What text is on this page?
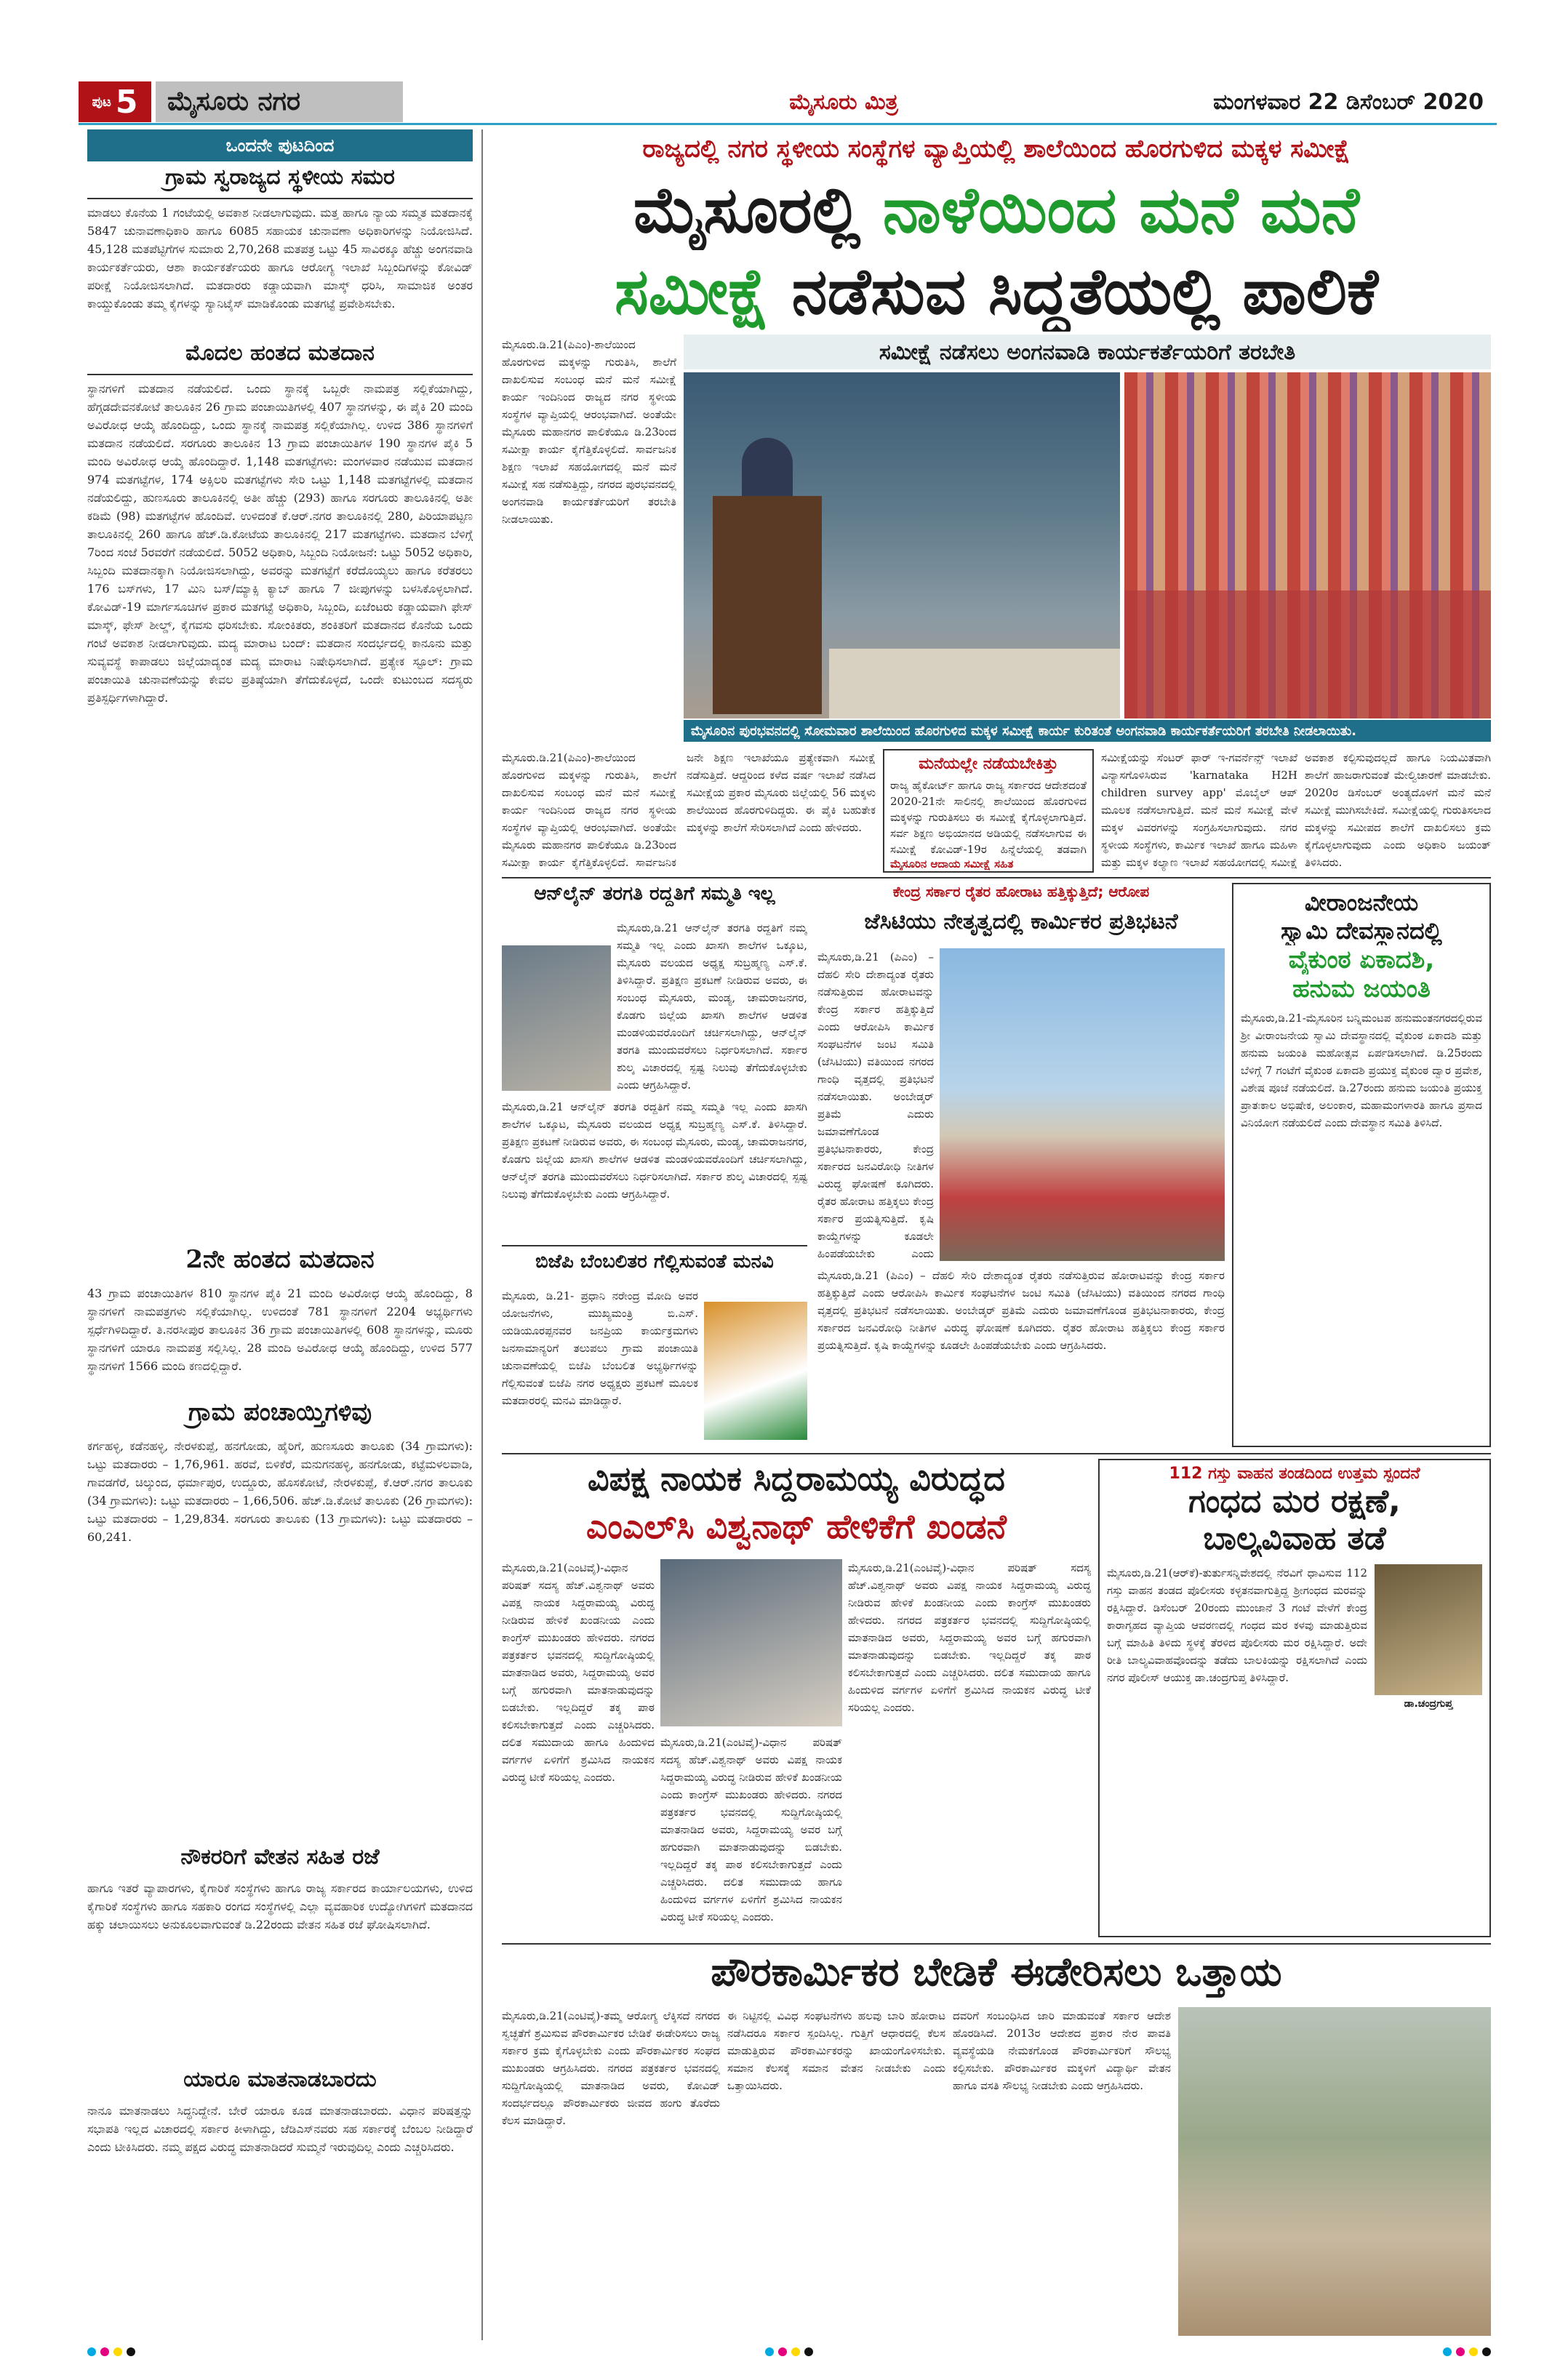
ಪುಟ 5	ಮೈಸೂರು ನಗರ	ಮೈಸೂರು ಮಿತ್ರ	ಮಂಗಳವಾರ 22 ಡಿಸೆಂಬರ್ 2020
ಒಂದನೇ ಪುಟದಿಂದ
ಗ್ರಾಮ ಸ್ವರಾಜ್ಯದ ಸ್ಥಳೀಯ ಸಮರ
ಮಾಡಲು ಕೊನೆಯ 1 ಗಂಟೆಯಲ್ಲಿ ಅವಕಾಶ ನೀಡಲಾಗುವುದು. ಮತ್ತ ಹಾಗೂ ನ್ಯಾಯ ಸಮ್ಮತ ಮತದಾನಕ್ಕೆ 5847 ಚುನಾವಣಾಧಿಕಾರಿ ಹಾಗೂ 6085 ಸಹಾಯಕ ಚುನಾವಣಾ ಅಧಿಕಾರಿಗಳನ್ನು ನಿಯೋಜಿಸಿದೆ. 45,128 ಮತಪೆಟ್ಟಿಗೆಗಳ ಸುಮಾರು 2,70,268 ಮತಪತ್ರ ಒಟ್ಟು 45 ಸಾವಿರಕ್ಕೂ ಹೆಚ್ಚು ಅಂಗನವಾಡಿ ಕಾರ್ಯಕರ್ತೆಯರು, ಆಶಾ ಕಾರ್ಯಕರ್ತೆಯರು ಹಾಗೂ ಆರೋಗ್ಯ ಇಲಾಖೆ ಸಿಬ್ಬಂದಿಗಳನ್ನು ಕೋವಿಡ್ ಪರೀಕ್ಷೆ ನಿಯೋಜಿಸಲಾಗಿದೆ. ಮತದಾರರು ಕಡ್ಡಾಯವಾಗಿ ಮಾಸ್ಕ್ ಧರಿಸಿ, ಸಾಮಾಜಿಕ ಅಂತರ ಕಾಯ್ದುಕೊಂಡು ತಮ್ಮ ಕೈಗಳನ್ನು ಸ್ಯಾನಿಟೈಸ್ ಮಾಡಿಕೊಂಡು ಮತಗಟ್ಟೆ ಪ್ರವೇಶಿಸಬೇಕು.
ಮೊದಲ ಹಂತದ ಮತದಾನ
ಸ್ಥಾನಗಳಿಗೆ ಮತದಾನ ನಡೆಯಲಿದೆ. ಒಂದು ಸ್ಥಾನಕ್ಕೆ ಒಬ್ಬರೇ ನಾಮಪತ್ರ ಸಲ್ಲಿಕೆಯಾಗಿದ್ದು, ಹೆಗ್ಗಡದೇವನಕೋಟೆ ತಾಲೂಕಿನ 26 ಗ್ರಾಮ ಪಂಚಾಯಿತಿಗಳಲ್ಲಿ 407 ಸ್ಥಾನಗಳನ್ನು, ಈ ಪೈಕಿ 20 ಮಂದಿ ಅವಿರೋಧ ಆಯ್ಕೆ ಹೊಂದಿದ್ದು, ಒಂದು ಸ್ಥಾನಕ್ಕೆ ನಾಮಪತ್ರ ಸಲ್ಲಿಕೆಯಾಗಿಲ್ಲ. ಉಳಿದ 386 ಸ್ಥಾನಗಳಿಗೆ ಮತದಾನ ನಡೆಯಲಿದೆ. ಸರಗೂರು ತಾಲೂಕಿನ 13 ಗ್ರಾಮ ಪಂಚಾಯಿತಿಗಳ 190 ಸ್ಥಾನಗಳ ಪೈಕಿ 5 ಮಂದಿ ಅವಿರೋಧ ಆಯ್ಕೆ ಹೊಂದಿದ್ದಾರೆ. 1,148 ಮತಗಟ್ಟೆಗಳು: ಮಂಗಳವಾರ ನಡೆಯುವ ಮತದಾನ 974 ಮತಗಟ್ಟೆಗಳ, 174 ಅಕ್ಸಿಲರಿ ಮತಗಟ್ಟೆಗಳು ಸೇರಿ ಒಟ್ಟು 1,148 ಮತಗಟ್ಟೆಗಳಲ್ಲಿ ಮತದಾನ ನಡೆಯಲಿದ್ದು, ಹುಣಸೂರು ತಾಲೂಕಿನಲ್ಲಿ ಅತೀ ಹೆಚ್ಚು (293) ಹಾಗೂ ಸರಗೂರು ತಾಲೂಕಿನಲ್ಲಿ ಅತೀ ಕಡಿಮೆ (98) ಮತಗಟ್ಟೆಗಳ ಹೊಂದಿವೆ. ಉಳಿದಂತೆ ಕೆ.ಆರ್.ನಗರ ತಾಲೂಕಿನಲ್ಲಿ 280, ಪಿರಿಯಾಪಟ್ಟಣ ತಾಲೂಕಿನಲ್ಲಿ 260 ಹಾಗೂ ಹೆಚ್.ಡಿ.ಕೋಟೆಯ ತಾಲೂಕಿನಲ್ಲಿ 217 ಮತಗಟ್ಟೆಗಳು. ಮತದಾನ ಬೆಳಿಗ್ಗೆ 7ರಿಂದ ಸಂಜೆ 5ರವರೆಗೆ ನಡೆಯಲಿದೆ. 5052 ಅಧಿಕಾರಿ, ಸಿಬ್ಬಂದಿ ನಿಯೋಜನೆ: ಒಟ್ಟು 5052 ಅಧಿಕಾರಿ, ಸಿಬ್ಬಂದಿ ಮತದಾನಕ್ಕಾಗಿ ನಿಯೋಜಿಸಲಾಗಿದ್ದು, ಅವರನ್ನು ಮತಗಟ್ಟೆಗೆ ಕರೆದೊಯ್ಯಲು ಹಾಗೂ ಕರೆತರಲು 176 ಬಸ್‌ಗಳು, 17 ಮಿನಿ ಬಸ್/ಮ್ಯಾಕ್ಸಿ ಕ್ಯಾಬ್ ಹಾಗೂ 7 ಜೀಪುಗಳನ್ನು ಬಳಸಿಕೊಳ್ಳಲಾಗಿದೆ. ಕೋವಿಡ್-19 ಮಾರ್ಗಸೂಚಿಗಳ ಪ್ರಕಾರ ಮತಗಟ್ಟೆ ಅಧಿಕಾರಿ, ಸಿಬ್ಬಂದಿ, ಏಜೆಂಟರು ಕಡ್ಡಾಯವಾಗಿ ಫೇಸ್ ಮಾಸ್ಕ್, ಫೇಸ್ ಶೀಲ್ಡ್, ಕೈಗವಸು ಧರಿಸಬೇಕು. ಸೋಂಕಿತರು, ಶಂಕಿತರಿಗೆ ಮತದಾನದ ಕೊನೆಯ ಒಂದು ಗಂಟೆ ಅವಕಾಶ ನೀಡಲಾಗುವುದು. ಮದ್ಯ ಮಾರಾಟ ಬಂದ್: ಮತದಾನ ಸಂದರ್ಭದಲ್ಲಿ ಕಾನೂನು ಮತ್ತು ಸುವ್ಯವಸ್ಥೆ ಕಾಪಾಡಲು ಜಿಲ್ಲೆಯಾದ್ಯಂತ ಮದ್ಯ ಮಾರಾಟ ನಿಷೇಧಿಸಲಾಗಿದೆ. ಪ್ರತ್ಯೇಕ ಸ್ಟೂಲ್: ಗ್ರಾಮ ಪಂಚಾಯಿತಿ ಚುನಾವಣೆಯನ್ನು ಕೇವಲ ಪ್ರತಿಷ್ಠೆಯಾಗಿ ತೆಗೆದುಕೊಳ್ಳದೆ, ಒಂದೇ ಕುಟುಂಬದ ಸದಸ್ಯರು ಪ್ರತಿಸ್ಪರ್ಧಿಗಳಾಗಿದ್ದಾರೆ.
2ನೇ ಹಂತದ ಮತದಾನ
43 ಗ್ರಾಮ ಪಂಚಾಯಿತಿಗಳ 810 ಸ್ಥಾನಗಳ ಪೈಕಿ 21 ಮಂದಿ ಅವಿರೋಧ ಆಯ್ಕೆ ಹೊಂದಿದ್ದು, 8 ಸ್ಥಾನಗಳಿಗೆ ನಾಮಪತ್ರಗಳು ಸಲ್ಲಿಕೆಯಾಗಿಲ್ಲ. ಉಳಿದಂತೆ 781 ಸ್ಥಾನಗಳಿಗೆ 2204 ಅಭ್ಯರ್ಥಿಗಳು ಸ್ಪರ್ಧೆಗಿಳಿದಿದ್ದಾರೆ. ತಿ.ನರಸೀಪುರ ತಾಲೂಕಿನ 36 ಗ್ರಾಮ ಪಂಚಾಯಿತಿಗಳಲ್ಲಿ 608 ಸ್ಥಾನಗಳನ್ನು, ಮೂರು ಸ್ಥಾನಗಳಿಗೆ ಯಾರೂ ನಾಮಪತ್ರ ಸಲ್ಲಿಸಿಲ್ಲ. 28 ಮಂದಿ ಅವಿರೋಧ ಆಯ್ಕೆ ಹೊಂದಿದ್ದು, ಉಳಿದ 577 ಸ್ಥಾನಗಳಿಗೆ 1566 ಮಂದಿ ಕಣದಲ್ಲಿದ್ದಾರೆ.
ಗ್ರಾಮ ಪಂಚಾಯ್ತಿಗಳಿವು
ಕರ್ಗಹಳ್ಳಿ, ಕಡೆನಹಳ್ಳಿ, ನೇರಳಕುಪ್ಪೆ, ಹನಗೋಡು, ಹೈರಿಗೆ, ಹುಣಸೂರು ತಾಲೂಕು (34 ಗ್ರಾಮಗಳು): ಒಟ್ಟು ಮತದಾರರು – 1,76,961. ಹರವೆ, ಬಿಳಿಕೆರೆ, ಮನುಗನಹಳ್ಳಿ, ಹನಗೋಡು, ಕಟ್ಟೆಮಳಲವಾಡಿ, ಗಾವಡಗೆರೆ, ಚಿಲ್ಕುಂದ, ಧರ್ಮಾಪುರ, ಉದ್ದೂರು, ಹೊಸಕೋಟೆ, ನೇರಳಕುಪ್ಪೆ, ಕೆ.ಆರ್.ನಗರ ತಾಲೂಕು (34 ಗ್ರಾಮಗಳು): ಒಟ್ಟು ಮತದಾರರು – 1,66,506. ಹೆಚ್.ಡಿ.ಕೋಟೆ ತಾಲೂಕು (26 ಗ್ರಾಮಗಳು): ಒಟ್ಟು ಮತದಾರರು – 1,29,834. ಸರಗೂರು ತಾಲೂಕು (13 ಗ್ರಾಮಗಳು): ಒಟ್ಟು ಮತದಾರರು – 60,241.
ನೌಕರರಿಗೆ ವೇತನ ಸಹಿತ ರಜೆ
ಹಾಗೂ ಇತರೆ ವ್ಯಾಪಾರಗಳು, ಕೈಗಾರಿಕೆ ಸಂಸ್ಥೆಗಳು ಹಾಗೂ ರಾಜ್ಯ ಸರ್ಕಾರದ ಕಾರ್ಯಾಲಯಗಳು, ಉಳಿದ ಕೈಗಾರಿಕೆ ಸಂಸ್ಥೆಗಳು ಹಾಗೂ ಸಹಕಾರಿ ರಂಗದ ಸಂಸ್ಥೆಗಳಲ್ಲಿ ಎಲ್ಲಾ ವ್ಯವಹಾರಿಕ ಉದ್ಯೋಗಿಗಳಿಗೆ ಮತದಾನದ ಹಕ್ಕು ಚಲಾಯಿಸಲು ಅನುಕೂಲವಾಗುವಂತೆ ಡಿ.22ರಂದು ವೇತನ ಸಹಿತ ರಜೆ ಘೋಷಿಸಲಾಗಿದೆ.
ಯಾರೂ ಮಾತನಾಡಬಾರದು
ನಾನೂ ಮಾತನಾಡಲು ಸಿದ್ಧನಿದ್ದೇನೆ. ಬೇರೆ ಯಾರೂ ಕೂಡ ಮಾತನಾಡಬಾರದು. ವಿಧಾನ ಪರಿಷತ್ತನ್ನು ಸಭಾಪತಿ ಇಲ್ಲದ ವಿಚಾರದಲ್ಲಿ ಸರ್ಕಾರ ಕೀಳಾಗಿದ್ದು, ಜೆಡಿಎಸ್‌ನವರು ಸಹ ಸರ್ಕಾರಕ್ಕೆ ಬೆಂಬಲ ನೀಡಿದ್ದಾರೆ ಎಂದು ಟೀಕಿಸಿದರು. ನಮ್ಮ ಪಕ್ಷದ ವಿರುದ್ಧ ಮಾತನಾಡಿದರೆ ಸುಮ್ಮನೆ ಇರುವುದಿಲ್ಲ ಎಂದು ಎಚ್ಚರಿಸಿದರು.
ರಾಜ್ಯದಲ್ಲಿ ನಗರ ಸ್ಥಳೀಯ ಸಂಸ್ಥೆಗಳ ವ್ಯಾಪ್ತಿಯಲ್ಲಿ ಶಾಲೆಯಿಂದ ಹೊರಗುಳಿದ ಮಕ್ಕಳ ಸಮೀಕ್ಷೆ
ಮೈಸೂರಲ್ಲಿ
ನಾಳೆಯಿಂದ ಮನೆ ಮನೆ
ಸಮೀಕ್ಷೆ
ನಡೆಸುವ ಸಿದ್ಧತೆಯಲ್ಲಿ ಪಾಲಿಕೆ
ಮೈಸೂರು.ಡಿ.21(ಪಿಎಂ)-ಶಾಲೆಯಿಂದ ಹೊರಗುಳಿದ ಮಕ್ಕಳನ್ನು ಗುರುತಿಸಿ, ಶಾಲೆಗೆ ದಾಖಲಿಸುವ ಸಂಬಂಧ ಮನೆ ಮನೆ ಸಮೀಕ್ಷೆ ಕಾರ್ಯ ಇಂದಿನಿಂದ ರಾಜ್ಯದ ನಗರ ಸ್ಥಳೀಯ ಸಂಸ್ಥೆಗಳ ವ್ಯಾಪ್ತಿಯಲ್ಲಿ ಆರಂಭವಾಗಿದೆ. ಅಂತೆಯೇ ಮೈಸೂರು ಮಹಾನಗರ ಪಾಲಿಕೆಯೂ ಡಿ.23ರಿಂದ ಸಮೀಕ್ಷಾ ಕಾರ್ಯ ಕೈಗೆತ್ತಿಕೊಳ್ಳಲಿದೆ. ಸಾರ್ವಜನಿಕ ಶಿಕ್ಷಣ ಇಲಾಖೆ ಸಹಯೋಗದಲ್ಲಿ ಮನೆ ಮನೆ ಸಮೀಕ್ಷೆ ಸಹ ನಡೆಸುತ್ತಿದ್ದು, ನಗರದ ಪುರಭವನದಲ್ಲಿ ಅಂಗನವಾಡಿ ಕಾರ್ಯಕರ್ತೆಯರಿಗೆ ತರಬೇತಿ ನೀಡಲಾಯಿತು.
ಸಮೀಕ್ಷೆ ನಡೆಸಲು ಅಂಗನವಾಡಿ ಕಾರ್ಯಕರ್ತೆಯರಿಗೆ ತರಬೇತಿ
ಮೈಸೂರಿನ ಪುರಭವನದಲ್ಲಿ ಸೋಮವಾರ ಶಾಲೆಯಿಂದ ಹೊರಗುಳಿದ ಮಕ್ಕಳ ಸಮೀಕ್ಷೆ ಕಾರ್ಯ ಕುರಿತಂತೆ ಅಂಗನವಾಡಿ ಕಾರ್ಯಕರ್ತೆಯರಿಗೆ ತರಬೇತಿ ನೀಡಲಾಯಿತು.
ಮೈಸೂರು.ಡಿ.21(ಪಿಎಂ)-ಶಾಲೆಯಿಂದ ಹೊರಗುಳಿದ ಮಕ್ಕಳನ್ನು ಗುರುತಿಸಿ, ಶಾಲೆಗೆ ದಾಖಲಿಸುವ ಸಂಬಂಧ ಮನೆ ಮನೆ ಸಮೀಕ್ಷೆ ಕಾರ್ಯ ಇಂದಿನಿಂದ ರಾಜ್ಯದ ನಗರ ಸ್ಥಳೀಯ ಸಂಸ್ಥೆಗಳ ವ್ಯಾಪ್ತಿಯಲ್ಲಿ ಆರಂಭವಾಗಿದೆ. ಅಂತೆಯೇ ಮೈಸೂರು ಮಹಾನಗರ ಪಾಲಿಕೆಯೂ ಡಿ.23ರಿಂದ ಸಮೀಕ್ಷಾ ಕಾರ್ಯ ಕೈಗೆತ್ತಿಕೊಳ್ಳಲಿದೆ. ಸಾರ್ವಜನಿಕ
ಜನೇ ಶಿಕ್ಷಣ ಇಲಾಖೆಯೂ ಪ್ರತ್ಯೇಕವಾಗಿ ಸಮೀಕ್ಷೆ ನಡೆಸುತ್ತಿದೆ. ಆದ್ದರಿಂದ ಕಳೆದ ವರ್ಷ ಇಲಾಖೆ ನಡೆಸಿದ ಸಮೀಕ್ಷೆಯ ಪ್ರಕಾರ ಮೈಸೂರು ಜಿಲ್ಲೆಯಲ್ಲಿ 56 ಮಕ್ಕಳು ಶಾಲೆಯಿಂದ ಹೊರಗುಳಿದಿದ್ದರು. ಈ ಪೈಕಿ ಬಹುತೇಕ ಮಕ್ಕಳನ್ನು ಶಾಲೆಗೆ ಸೇರಿಸಲಾಗಿದೆ ಎಂದು ಹೇಳಿದರು.
ಮನೆಯಲ್ಲೇ ನಡೆಯಬೇಕಿತ್ತು
ರಾಜ್ಯ ಹೈಕೋರ್ಟ್ ಹಾಗೂ ರಾಜ್ಯ ಸರ್ಕಾರದ ಆದೇಶದಂತೆ 2020-21ನೇ ಸಾಲಿನಲ್ಲಿ ಶಾಲೆಯಿಂದ ಹೊರಗುಳಿದ ಮಕ್ಕಳನ್ನು ಗುರುತಿಸಲು ಈ ಸಮೀಕ್ಷೆ ಕೈಗೊಳ್ಳಲಾಗುತ್ತಿದೆ. ಸರ್ವ ಶಿಕ್ಷಣ ಅಭಿಯಾನದ ಅಡಿಯಲ್ಲಿ ನಡೆಸಲಾಗುವ ಈ ಸಮೀಕ್ಷೆ ಕೋವಿಡ್-19ರ ಹಿನ್ನೆಲೆಯಲ್ಲಿ ತಡವಾಗಿ
ಮೈಸೂರಿನ ಆದಾಯ ಸಮೀಕ್ಷೆ ಸಹಿತ
ಸಮೀಕ್ಷೆಯನ್ನು ಸೆಂಟರ್ ಫಾರ್ ಇ-ಗವರ್ನೆನ್ಸ್ ಇಲಾಖೆ ವಿನ್ಯಾಸಗೊಳಿಸಿರುವ 'karnataka H2H children survey app' ಮೊಬೈಲ್ ಆಪ್ ಮೂಲಕ ನಡೆಸಲಾಗುತ್ತಿದೆ. ಮನೆ ಮನೆ ಸಮೀಕ್ಷೆ ವೇಳೆ ಮಕ್ಕಳ ವಿವರಗಳನ್ನು ಸಂಗ್ರಹಿಸಲಾಗುವುದು. ನಗರ ಸ್ಥಳೀಯ ಸಂಸ್ಥೆಗಳು, ಕಾರ್ಮಿಕ ಇಲಾಖೆ ಹಾಗೂ ಮಹಿಳಾ ಮತ್ತು ಮಕ್ಕಳ ಕಲ್ಯಾಣ ಇಲಾಖೆ ಸಹಯೋಗದಲ್ಲಿ ಸಮೀಕ್ಷೆ
ಅವಕಾಶ ಕಲ್ಪಿಸುವುದಲ್ಲದೆ ಹಾಗೂ ನಿಯಮಿತವಾಗಿ ಶಾಲೆಗೆ ಹಾಜರಾಗುವಂತೆ ಮೇಲ್ವಿಚಾರಣೆ ಮಾಡಬೇಕು. 2020ರ ಡಿಸೆಂಬರ್ ಅಂತ್ಯದೊಳಗೆ ಮನೆ ಮನೆ ಸಮೀಕ್ಷೆ ಮುಗಿಸಬೇಕಿದೆ. ಸಮೀಕ್ಷೆಯಲ್ಲಿ ಗುರುತಿಸಲಾದ ಮಕ್ಕಳನ್ನು ಸಮೀಪದ ಶಾಲೆಗೆ ದಾಖಲಿಸಲು ಕ್ರಮ ಕೈಗೊಳ್ಳಲಾಗುವುದು ಎಂದು ಅಧಿಕಾರಿ ಜಯಂತ್ ತಿಳಿಸಿದರು.
ಆನ್‌ಲೈನ್ ತರಗತಿ ರದ್ದತಿಗೆ ಸಮ್ಮತಿ ಇಲ್ಲ
ಮೈಸೂರು,ಡಿ.21 ಆನ್‌ಲೈನ್ ತರಗತಿ ರದ್ದತಿಗೆ ನಮ್ಮ ಸಮ್ಮತಿ ಇಲ್ಲ ಎಂದು ಖಾಸಗಿ ಶಾಲೆಗಳ ಒಕ್ಕೂಟ, ಮೈಸೂರು ವಲಯದ ಅಧ್ಯಕ್ಷ ಸುಬ್ರಹ್ಮಣ್ಯ ಎಸ್.ಕೆ. ತಿಳಿಸಿದ್ದಾರೆ. ಪ್ರತಿಕ್ಷಣ ಪ್ರಕಟಣೆ ನೀಡಿರುವ ಅವರು, ಈ ಸಂಬಂಧ ಮೈಸೂರು, ಮಂಡ್ಯ, ಚಾಮರಾಜನಗರ, ಕೊಡಗು ಜಿಲ್ಲೆಯ ಖಾಸಗಿ ಶಾಲೆಗಳ ಆಡಳಿತ ಮಂಡಳಿಯವರೊಂದಿಗೆ ಚರ್ಚಿಸಲಾಗಿದ್ದು, ಆನ್‌ಲೈನ್ ತರಗತಿ ಮುಂದುವರೆಸಲು ನಿರ್ಧರಿಸಲಾಗಿದೆ. ಸರ್ಕಾರ ಶುಲ್ಕ ವಿಚಾರದಲ್ಲಿ ಸ್ಪಷ್ಟ ನಿಲುವು ತೆಗೆದುಕೊಳ್ಳಬೇಕು ಎಂದು ಆಗ್ರಹಿಸಿದ್ದಾರೆ.
ಮೈಸೂರು,ಡಿ.21 ಆನ್‌ಲೈನ್ ತರಗತಿ ರದ್ದತಿಗೆ ನಮ್ಮ ಸಮ್ಮತಿ ಇಲ್ಲ ಎಂದು ಖಾಸಗಿ ಶಾಲೆಗಳ ಒಕ್ಕೂಟ, ಮೈಸೂರು ವಲಯದ ಅಧ್ಯಕ್ಷ ಸುಬ್ರಹ್ಮಣ್ಯ ಎಸ್.ಕೆ. ತಿಳಿಸಿದ್ದಾರೆ. ಪ್ರತಿಕ್ಷಣ ಪ್ರಕಟಣೆ ನೀಡಿರುವ ಅವರು, ಈ ಸಂಬಂಧ ಮೈಸೂರು, ಮಂಡ್ಯ, ಚಾಮರಾಜನಗರ, ಕೊಡಗು ಜಿಲ್ಲೆಯ ಖಾಸಗಿ ಶಾಲೆಗಳ ಆಡಳಿತ ಮಂಡಳಿಯವರೊಂದಿಗೆ ಚರ್ಚಿಸಲಾಗಿದ್ದು, ಆನ್‌ಲೈನ್ ತರಗತಿ ಮುಂದುವರೆಸಲು ನಿರ್ಧರಿಸಲಾಗಿದೆ. ಸರ್ಕಾರ ಶುಲ್ಕ ವಿಚಾರದಲ್ಲಿ ಸ್ಪಷ್ಟ ನಿಲುವು ತೆಗೆದುಕೊಳ್ಳಬೇಕು ಎಂದು ಆಗ್ರಹಿಸಿದ್ದಾರೆ.
ಬಿಜೆಪಿ ಬೆಂಬಲಿತರ ಗೆಲ್ಲಿಸುವಂತೆ ಮನವಿ
ಮೈಸೂರು, ಡಿ.21- ಪ್ರಧಾನಿ ನರೇಂದ್ರ ಮೋದಿ ಅವರ ಯೋಜನೆಗಳು, ಮುಖ್ಯಮಂತ್ರಿ ಬಿ.ಎಸ್. ಯಡಿಯೂರಪ್ಪನವರ ಜನಪ್ರಿಯ ಕಾರ್ಯಕ್ರಮಗಳು ಜನಸಾಮಾನ್ಯರಿಗೆ ತಲುಪಲು ಗ್ರಾಮ ಪಂಚಾಯಿತಿ ಚುನಾವಣೆಯಲ್ಲಿ ಬಿಜೆಪಿ ಬೆಂಬಲಿತ ಅಭ್ಯರ್ಥಿಗಳನ್ನು ಗೆಲ್ಲಿಸುವಂತೆ ಬಿಜೆಪಿ ನಗರ ಅಧ್ಯಕ್ಷರು ಪ್ರಕಟಣೆ ಮೂಲಕ ಮತದಾರರಲ್ಲಿ ಮನವಿ ಮಾಡಿದ್ದಾರೆ.
ಕೇಂದ್ರ ಸರ್ಕಾರ ರೈತರ ಹೋರಾಟ ಹತ್ತಿಕ್ಕುತ್ತಿದೆ; ಆರೋಪ
ಜೆಸಿಟಿಯು ನೇತೃತ್ವದಲ್ಲಿ ಕಾರ್ಮಿಕರ ಪ್ರತಿಭಟನೆ
ಮೈಸೂರು,ಡಿ.21 (ಪಿಎಂ) – ದೆಹಲಿ ಸೇರಿ ದೇಶಾದ್ಯಂತ ರೈತರು ನಡೆಸುತ್ತಿರುವ ಹೋರಾಟವನ್ನು ಕೇಂದ್ರ ಸರ್ಕಾರ ಹತ್ತಿಕ್ಕುತ್ತಿದೆ ಎಂದು ಆರೋಪಿಸಿ ಕಾರ್ಮಿಕ ಸಂಘಟನೆಗಳ ಜಂಟಿ ಸಮಿತಿ (ಜೆಸಿಟಿಯು) ವತಿಯಿಂದ ನಗರದ ಗಾಂಧಿ ವೃತ್ತದಲ್ಲಿ ಪ್ರತಿಭಟನೆ ನಡೆಸಲಾಯಿತು. ಅಂಬೇಡ್ಕರ್ ಪ್ರತಿಮೆ ಎದುರು ಜಮಾವಣೆಗೊಂಡ ಪ್ರತಿಭಟನಾಕಾರರು, ಕೇಂದ್ರ ಸರ್ಕಾರದ ಜನವಿರೋಧಿ ನೀತಿಗಳ ವಿರುದ್ಧ ಘೋಷಣೆ ಕೂಗಿದರು. ರೈತರ ಹೋರಾಟ ಹತ್ತಿಕ್ಕಲು ಕೇಂದ್ರ ಸರ್ಕಾರ ಪ್ರಯತ್ನಿಸುತ್ತಿದೆ. ಕೃಷಿ ಕಾಯ್ದೆಗಳನ್ನು ಕೂಡಲೇ ಹಿಂಪಡೆಯಬೇಕು ಎಂದು
ಮೈಸೂರು,ಡಿ.21 (ಪಿಎಂ) – ದೆಹಲಿ ಸೇರಿ ದೇಶಾದ್ಯಂತ ರೈತರು ನಡೆಸುತ್ತಿರುವ ಹೋರಾಟವನ್ನು ಕೇಂದ್ರ ಸರ್ಕಾರ ಹತ್ತಿಕ್ಕುತ್ತಿದೆ ಎಂದು ಆರೋಪಿಸಿ ಕಾರ್ಮಿಕ ಸಂಘಟನೆಗಳ ಜಂಟಿ ಸಮಿತಿ (ಜೆಸಿಟಿಯು) ವತಿಯಿಂದ ನಗರದ ಗಾಂಧಿ ವೃತ್ತದಲ್ಲಿ ಪ್ರತಿಭಟನೆ ನಡೆಸಲಾಯಿತು. ಅಂಬೇಡ್ಕರ್ ಪ್ರತಿಮೆ ಎದುರು ಜಮಾವಣೆಗೊಂಡ ಪ್ರತಿಭಟನಾಕಾರರು, ಕೇಂದ್ರ ಸರ್ಕಾರದ ಜನವಿರೋಧಿ ನೀತಿಗಳ ವಿರುದ್ಧ ಘೋಷಣೆ ಕೂಗಿದರು. ರೈತರ ಹೋರಾಟ ಹತ್ತಿಕ್ಕಲು ಕೇಂದ್ರ ಸರ್ಕಾರ ಪ್ರಯತ್ನಿಸುತ್ತಿದೆ. ಕೃಷಿ ಕಾಯ್ದೆಗಳನ್ನು ಕೂಡಲೇ ಹಿಂಪಡೆಯಬೇಕು ಎಂದು ಆಗ್ರಹಿಸಿದರು.
ವೀರಾಂಜನೇಯ
ಸ್ವಾಮಿ ದೇವಸ್ಥಾನದಲ್ಲಿ
ವೈಕುಂಠ ಏಕಾದಶಿ,
ಹನುಮ ಜಯಂತಿ
ಮೈಸೂರು,ಡಿ.21-ಮೈಸೂರಿನ ಬನ್ನಿಮಂಟಪ ಹನುಮಂತನಗರದಲ್ಲಿರುವ ಶ್ರೀ ವೀರಾಂಜನೇಯ ಸ್ವಾಮಿ ದೇವಸ್ಥಾನದಲ್ಲಿ ವೈಕುಂಠ ಏಕಾದಶಿ ಮತ್ತು ಹನುಮ ಜಯಂತಿ ಮಹೋತ್ಸವ ಏರ್ಪಡಿಸಲಾಗಿದೆ. ಡಿ.25ರಂದು ಬೆಳಿಗ್ಗೆ 7 ಗಂಟೆಗೆ ವೈಕುಂಠ ಏಕಾದಶಿ ಪ್ರಯುಕ್ತ ವೈಕುಂಠ ದ್ವಾರ ಪ್ರವೇಶ, ವಿಶೇಷ ಪೂಜೆ ನಡೆಯಲಿದೆ. ಡಿ.27ರಂದು ಹನುಮ ಜಯಂತಿ ಪ್ರಯುಕ್ತ ಪ್ರಾತಃಕಾಲ ಅಭಿಷೇಕ, ಅಲಂಕಾರ, ಮಹಾಮಂಗಳಾರತಿ ಹಾಗೂ ಪ್ರಸಾದ ವಿನಿಯೋಗ ನಡೆಯಲಿದೆ ಎಂದು ದೇವಸ್ಥಾನ ಸಮಿತಿ ತಿಳಿಸಿದೆ.
ವಿಪಕ್ಷ ನಾಯಕ ಸಿದ್ದರಾಮಯ್ಯ ವಿರುದ್ಧದ
ಎಂಎಲ್‌ಸಿ ವಿಶ್ವನಾಥ್ ಹೇಳಿಕೆಗೆ ಖಂಡನೆ
ಮೈಸೂರು,ಡಿ.21(ಎಂಟಿವೈ)-ವಿಧಾನ ಪರಿಷತ್ ಸದಸ್ಯ ಹೆಚ್.ವಿಶ್ವನಾಥ್ ಅವರು ವಿಪಕ್ಷ ನಾಯಕ ಸಿದ್ದರಾಮಯ್ಯ ವಿರುದ್ಧ ನೀಡಿರುವ ಹೇಳಿಕೆ ಖಂಡನೀಯ ಎಂದು ಕಾಂಗ್ರೆಸ್ ಮುಖಂಡರು ಹೇಳಿದರು. ನಗರದ ಪತ್ರಕರ್ತರ ಭವನದಲ್ಲಿ ಸುದ್ದಿಗೋಷ್ಠಿಯಲ್ಲಿ ಮಾತನಾಡಿದ ಅವರು, ಸಿದ್ದರಾಮಯ್ಯ ಅವರ ಬಗ್ಗೆ ಹಗುರವಾಗಿ ಮಾತನಾಡುವುದನ್ನು ಬಿಡಬೇಕು. ಇಲ್ಲದಿದ್ದರೆ ತಕ್ಕ ಪಾಠ ಕಲಿಸಬೇಕಾಗುತ್ತದೆ ಎಂದು ಎಚ್ಚರಿಸಿದರು. ದಲಿತ ಸಮುದಾಯ ಹಾಗೂ ಹಿಂದುಳಿದ ವರ್ಗಗಳ ಏಳಿಗೆಗೆ ಶ್ರಮಿಸಿದ ನಾಯಕನ ವಿರುದ್ಧ ಟೀಕೆ ಸರಿಯಲ್ಲ ಎಂದರು.
ಮೈಸೂರು,ಡಿ.21(ಎಂಟಿವೈ)-ವಿಧಾನ ಪರಿಷತ್ ಸದಸ್ಯ ಹೆಚ್.ವಿಶ್ವನಾಥ್ ಅವರು ವಿಪಕ್ಷ ನಾಯಕ ಸಿದ್ದರಾಮಯ್ಯ ವಿರುದ್ಧ ನೀಡಿರುವ ಹೇಳಿಕೆ ಖಂಡನೀಯ ಎಂದು ಕಾಂಗ್ರೆಸ್ ಮುಖಂಡರು ಹೇಳಿದರು. ನಗರದ ಪತ್ರಕರ್ತರ ಭವನದಲ್ಲಿ ಸುದ್ದಿಗೋಷ್ಠಿಯಲ್ಲಿ ಮಾತನಾಡಿದ ಅವರು, ಸಿದ್ದರಾಮಯ್ಯ ಅವರ ಬಗ್ಗೆ ಹಗುರವಾಗಿ ಮಾತನಾಡುವುದನ್ನು ಬಿಡಬೇಕು. ಇಲ್ಲದಿದ್ದರೆ ತಕ್ಕ ಪಾಠ ಕಲಿಸಬೇಕಾಗುತ್ತದೆ ಎಂದು ಎಚ್ಚರಿಸಿದರು. ದಲಿತ ಸಮುದಾಯ ಹಾಗೂ ಹಿಂದುಳಿದ ವರ್ಗಗಳ ಏಳಿಗೆಗೆ ಶ್ರಮಿಸಿದ ನಾಯಕನ ವಿರುದ್ಧ ಟೀಕೆ ಸರಿಯಲ್ಲ ಎಂದರು.
ಮೈಸೂರು,ಡಿ.21(ಎಂಟಿವೈ)-ವಿಧಾನ ಪರಿಷತ್ ಸದಸ್ಯ ಹೆಚ್.ವಿಶ್ವನಾಥ್ ಅವರು ವಿಪಕ್ಷ ನಾಯಕ ಸಿದ್ದರಾಮಯ್ಯ ವಿರುದ್ಧ ನೀಡಿರುವ ಹೇಳಿಕೆ ಖಂಡನೀಯ ಎಂದು ಕಾಂಗ್ರೆಸ್ ಮುಖಂಡರು ಹೇಳಿದರು. ನಗರದ ಪತ್ರಕರ್ತರ ಭವನದಲ್ಲಿ ಸುದ್ದಿಗೋಷ್ಠಿಯಲ್ಲಿ ಮಾತನಾಡಿದ ಅವರು, ಸಿದ್ದರಾಮಯ್ಯ ಅವರ ಬಗ್ಗೆ ಹಗುರವಾಗಿ ಮಾತನಾಡುವುದನ್ನು ಬಿಡಬೇಕು. ಇಲ್ಲದಿದ್ದರೆ ತಕ್ಕ ಪಾಠ ಕಲಿಸಬೇಕಾಗುತ್ತದೆ ಎಂದು ಎಚ್ಚರಿಸಿದರು. ದಲಿತ ಸಮುದಾಯ ಹಾಗೂ ಹಿಂದುಳಿದ ವರ್ಗಗಳ ಏಳಿಗೆಗೆ ಶ್ರಮಿಸಿದ ನಾಯಕನ ವಿರುದ್ಧ ಟೀಕೆ ಸರಿಯಲ್ಲ ಎಂದರು.
112 ಗಸ್ತು ವಾಹನ ತಂಡದಿಂದ ಉತ್ತಮ ಸ್ಪಂದನೆ
ಗಂಧದ ಮರ ರಕ್ಷಣೆ,
ಬಾಲ್ಯವಿವಾಹ ತಡೆ
ಮೈಸೂರು,ಡಿ.21(ಆರ್‌ಕೆ)-ತುರ್ತುಸನ್ನಿವೇಶದಲ್ಲಿ ನೆರವಿಗೆ ಧಾವಿಸುವ 112 ಗಸ್ತು ವಾಹನ ತಂಡದ ಪೊಲೀಸರು ಕಳ್ಳತನವಾಗುತ್ತಿದ್ದ ಶ್ರೀಗಂಧದ ಮರವನ್ನು ರಕ್ಷಿಸಿದ್ದಾರೆ. ಡಿಸೆಂಬರ್ 20ರಂದು ಮುಂಜಾನೆ 3 ಗಂಟೆ ವೇಳೆಗೆ ಕೇಂದ್ರ ಕಾರಾಗೃಹದ ವ್ಯಾಪ್ತಿಯ ಆವರಣದಲ್ಲಿ ಗಂಧದ ಮರ ಕಳವು ಮಾಡುತ್ತಿರುವ ಬಗ್ಗೆ ಮಾಹಿತಿ ತಿಳಿದು ಸ್ಥಳಕ್ಕೆ ತೆರಳಿದ ಪೊಲೀಸರು ಮರ ರಕ್ಷಿಸಿದ್ದಾರೆ. ಅದೇ ರೀತಿ ಬಾಲ್ಯವಿವಾಹವೊಂದನ್ನು ತಡೆದು ಬಾಲಕಿಯನ್ನು ರಕ್ಷಿಸಲಾಗಿದೆ ಎಂದು ನಗರ ಪೊಲೀಸ್ ಆಯುಕ್ತ ಡಾ.ಚಂದ್ರಗುಪ್ತ ತಿಳಿಸಿದ್ದಾರೆ.
ಡಾ.ಚಂದ್ರಗುಪ್ತ
ಪೌರಕಾರ್ಮಿಕರ ಬೇಡಿಕೆ ಈಡೇರಿಸಲು ಒತ್ತಾಯ
ಮೈಸೂರು,ಡಿ.21(ಎಂಟಿವೈ)-ತಮ್ಮ ಆರೋಗ್ಯ ಲೆಕ್ಕಿಸದೆ ನಗರದ ಸ್ವಚ್ಛತೆಗೆ ಶ್ರಮಿಸುವ ಪೌರಕಾರ್ಮಿಕರ ಬೇಡಿಕೆ ಈಡೇರಿಸಲು ರಾಜ್ಯ ಸರ್ಕಾರ ಕ್ರಮ ಕೈಗೊಳ್ಳಬೇಕು ಎಂದು ಪೌರಕಾರ್ಮಿಕರ ಸಂಘದ ಮುಖಂಡರು ಆಗ್ರಹಿಸಿದರು. ನಗರದ ಪತ್ರಕರ್ತರ ಭವನದಲ್ಲಿ ಸುದ್ದಿಗೋಷ್ಠಿಯಲ್ಲಿ ಮಾತನಾಡಿದ ಅವರು, ಕೋವಿಡ್ ಸಂದರ್ಭದಲ್ಲೂ ಪೌರಕಾರ್ಮಿಕರು ಜೀವದ ಹಂಗು ತೊರೆದು ಕೆಲಸ ಮಾಡಿದ್ದಾರೆ.
ಈ ನಿಟ್ಟಿನಲ್ಲಿ ವಿವಿಧ ಸಂಘಟನೆಗಳು ಹಲವು ಬಾರಿ ಹೋರಾಟ ನಡೆಸಿದರೂ ಸರ್ಕಾರ ಸ್ಪಂದಿಸಿಲ್ಲ. ಗುತ್ತಿಗೆ ಆಧಾರದಲ್ಲಿ ಕೆಲಸ ಮಾಡುತ್ತಿರುವ ಪೌರಕಾರ್ಮಿಕರನ್ನು ಖಾಯಂಗೊಳಿಸಬೇಕು. ಸಮಾನ ಕೆಲಸಕ್ಕೆ ಸಮಾನ ವೇತನ ನೀಡಬೇಕು ಎಂದು ಒತ್ತಾಯಿಸಿದರು.
ದವರಿಗೆ ಸಂಬಂಧಿಸಿದ ಜಾರಿ ಮಾಡುವಂತೆ ಸರ್ಕಾರ ಆದೇಶ ಹೊರಡಿಸಿದೆ. 2013ರ ಆದೇಶದ ಪ್ರಕಾರ ನೇರ ಪಾವತಿ ವ್ಯವಸ್ಥೆಯಡಿ ನೇಮಕಗೊಂಡ ಪೌರಕಾರ್ಮಿಕರಿಗೆ ಸೌಲಭ್ಯ ಕಲ್ಪಿಸಬೇಕು. ಪೌರಕಾರ್ಮಿಕರ ಮಕ್ಕಳಿಗೆ ವಿದ್ಯಾರ್ಥಿ ವೇತನ ಹಾಗೂ ವಸತಿ ಸೌಲಭ್ಯ ನೀಡಬೇಕು ಎಂದು ಆಗ್ರಹಿಸಿದರು.
